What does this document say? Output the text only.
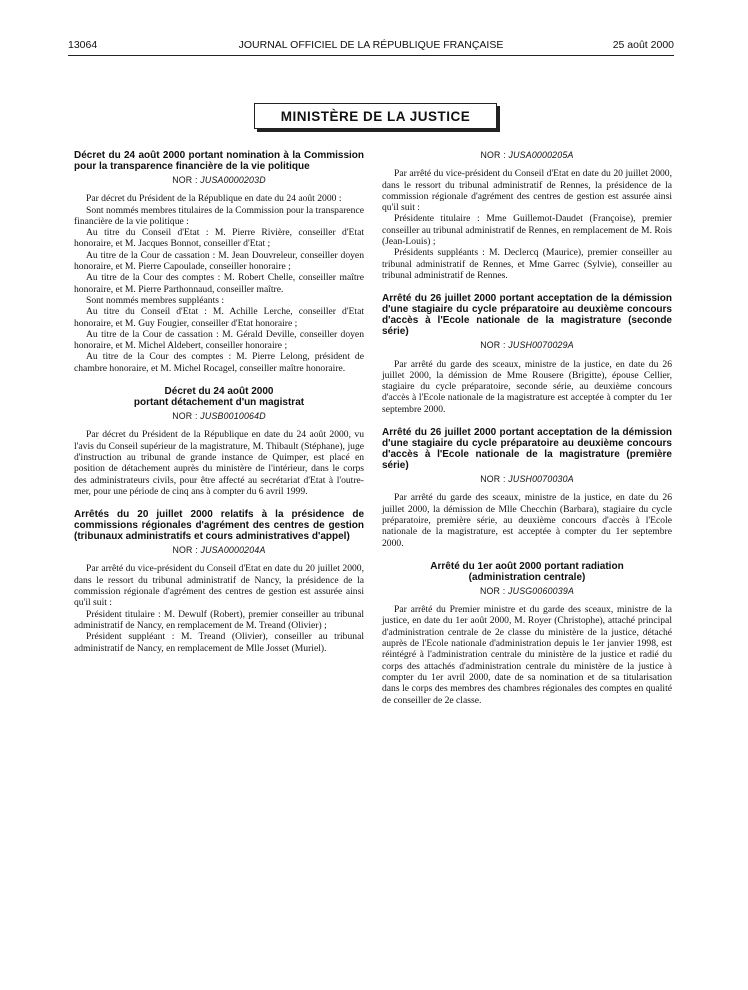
13064	JOURNAL OFFICIEL DE LA RÉPUBLIQUE FRANÇAISE	25 août 2000
MINISTÈRE DE LA JUSTICE

Décret du 24 août 2000 portant nomination à la Commission pour la transparence financière de la vie politique

NOR : JUSA0000203D

Par décret du Président de la République en date du 24 août 2000 :

Sont nommés membres titulaires de la Commission pour la transparence financière de la vie politique :

Au titre du Conseil d'Etat : M. Pierre Rivière, conseiller d'Etat honoraire, et M. Jacques Bonnot, conseiller d'Etat ;

Au titre de la Cour de cassation : M. Jean Douvreleur, conseiller doyen honoraire, et M. Pierre Capoulade, conseiller honoraire ;

Au titre de la Cour des comptes : M. Robert Chelle, conseiller maître honoraire, et M. Pierre Parthonnaud, conseiller maître.

Sont nommés membres suppléants :

Au titre du Conseil d'Etat : M. Achille Lerche, conseiller d'Etat honoraire, et M. Guy Fougier, conseiller d'Etat honoraire ;

Au titre de la Cour de cassation : M. Gérald Deville, conseiller doyen honoraire, et M. Michel Aldebert, conseiller honoraire ;

Au titre de la Cour des comptes : M. Pierre Lelong, président de chambre honoraire, et M. Michel Rocagel, conseiller maître honoraire.

Décret du 24 août 2000

portant détachement d'un magistrat

NOR : JUSB0010064D

Par décret du Président de la République en date du 24 août 2000, vu l'avis du Conseil supérieur de la magistrature, M. Thibault (Stéphane), juge d'instruction au tribunal de grande instance de Quimper, est placé en position de détachement auprès du ministère de l'intérieur, dans le corps des administrateurs civils, pour être affecté au secrétariat d'Etat à l'outre-mer, pour une période de cinq ans à compter du 6 avril 1999.

Arrêtés du 20 juillet 2000 relatifs à la présidence de commissions régionales d'agrément des centres de gestion (tribunaux administratifs et cours administratives d'appel)

NOR : JUSA0000204A

Par arrêté du vice-président du Conseil d'Etat en date du 20 juillet 2000, dans le ressort du tribunal administratif de Nancy, la présidence de la commission régionale d'agrément des centres de gestion est assurée ainsi qu'il suit :

Président titulaire : M. Dewulf (Robert), premier conseiller au tribunal administratif de Nancy, en remplacement de M. Treand (Olivier) ;

Président suppléant : M. Treand (Olivier), conseiller au tribunal administratif de Nancy, en remplacement de Mlle Josset (Muriel).

NOR : JUSA0000205A

Par arrêté du vice-président du Conseil d'Etat en date du 20 juillet 2000, dans le ressort du tribunal administratif de Rennes, la présidence de la commission régionale d'agrément des centres de gestion est assurée ainsi qu'il suit :

Présidente titulaire : Mme Guillemot-Daudet (Françoise), premier conseiller au tribunal administratif de Rennes, en remplacement de M. Rois (Jean-Louis) ;

Présidents suppléants : M. Declercq (Maurice), premier conseiller au tribunal administratif de Rennes, et Mme Garrec (Sylvie), conseiller au tribunal administratif de Rennes.

Arrêté du 26 juillet 2000 portant acceptation de la démission d'une stagiaire du cycle préparatoire au deuxième concours d'accès à l'Ecole nationale de la magistrature (seconde série)

NOR : JUSH0070029A

Par arrêté du garde des sceaux, ministre de la justice, en date du 26 juillet 2000, la démission de Mme Rousere (Brigitte), épouse Cellier, stagiaire du cycle préparatoire, seconde série, au deuxième concours d'accès à l'Ecole nationale de la magistrature est acceptée à compter du 1er septembre 2000.

Arrêté du 26 juillet 2000 portant acceptation de la démission d'une stagiaire du cycle préparatoire au deuxième concours d'accès à l'Ecole nationale de la magistrature (première série)

NOR : JUSH0070030A

Par arrêté du garde des sceaux, ministre de la justice, en date du 26 juillet 2000, la démission de Mlle Checchin (Barbara), stagiaire du cycle préparatoire, première série, au deuxième concours d'accès à l'Ecole nationale de la magistrature, est acceptée à compter du 1er septembre 2000.

Arrêté du 1er août 2000 portant radiation

(administration centrale)

NOR : JUSG0060039A

Par arrêté du Premier ministre et du garde des sceaux, ministre de la justice, en date du 1er août 2000, M. Royer (Christophe), attaché principal d'administration centrale de 2e classe du ministère de la justice, détaché auprès de l'Ecole nationale d'administration depuis le 1er janvier 1998, est réintégré à l'administration centrale du ministère de la justice et radié du corps des attachés d'administration centrale du ministère de la justice à compter du 1er avril 2000, date de sa nomination et de sa titularisation dans le corps des membres des chambres régionales des comptes en qualité de conseiller de 2e classe.
